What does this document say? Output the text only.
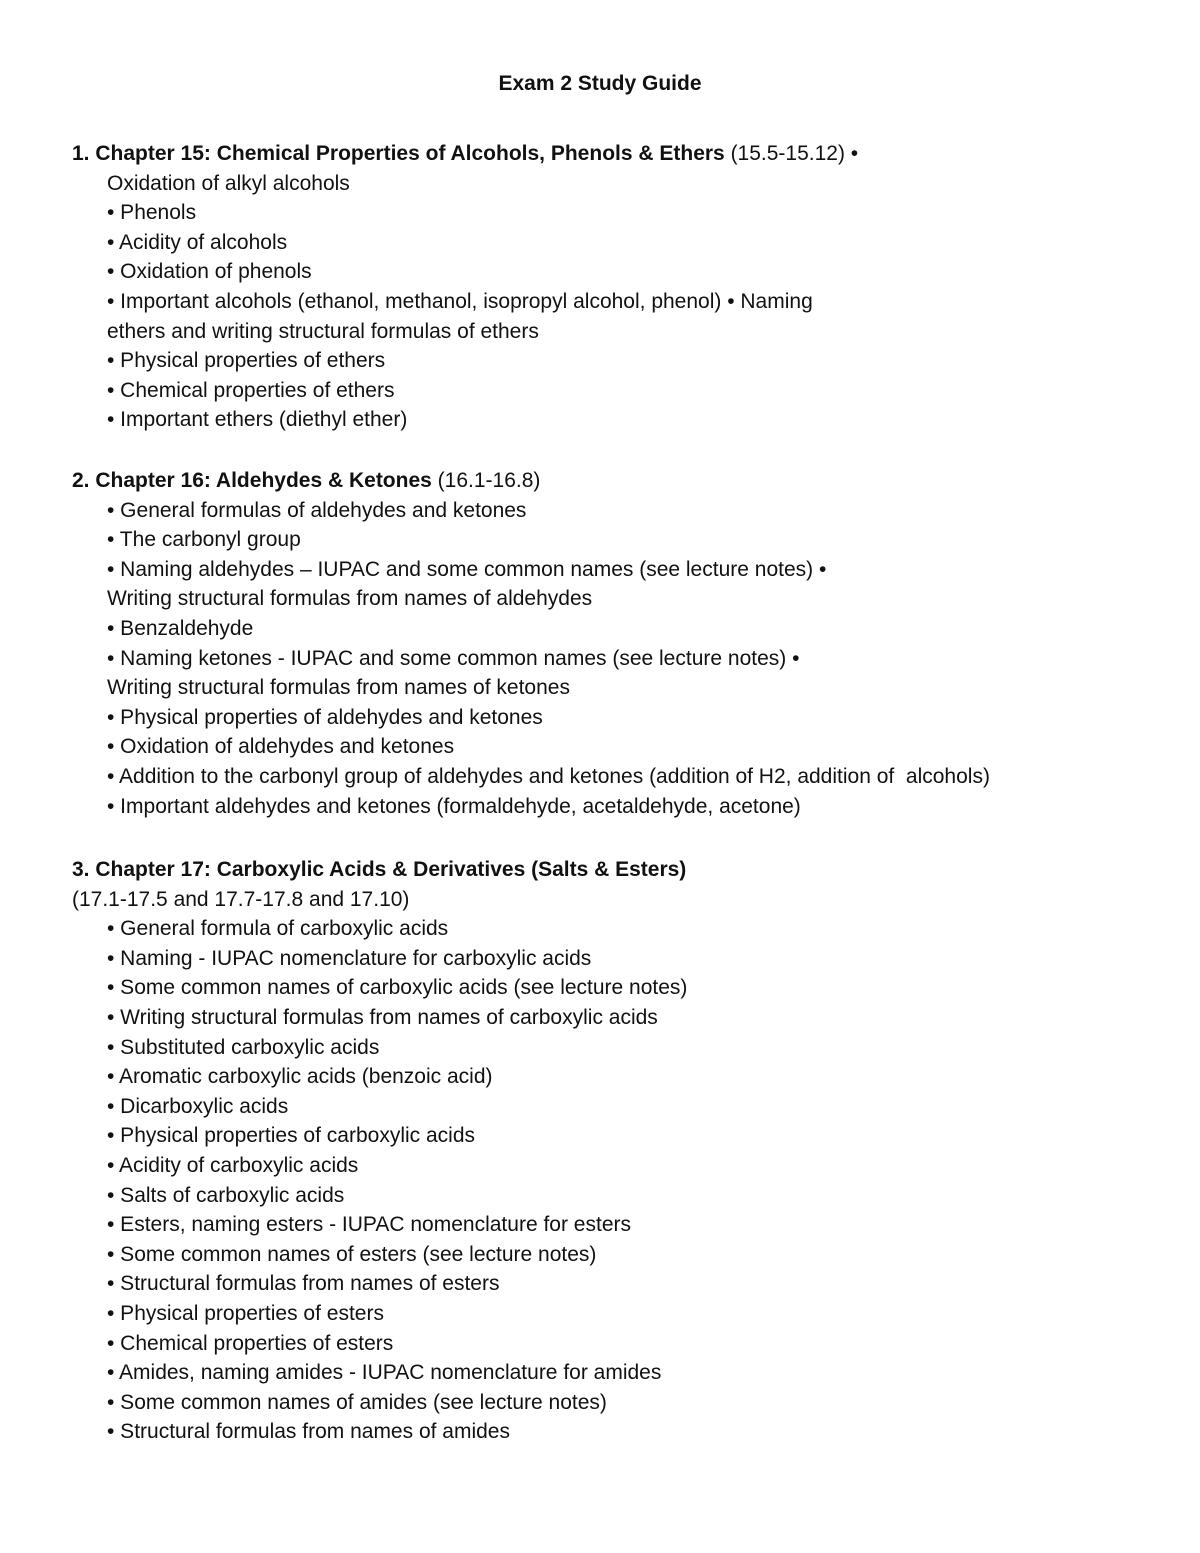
Exam 2 Study Guide
1. Chapter 15: Chemical Properties of Alcohols, Phenols & Ethers (15.5-15.12) •
Oxidation of alkyl alcohols
• Phenols
• Acidity of alcohols
• Oxidation of phenols
• Important alcohols (ethanol, methanol, isopropyl alcohol, phenol) • Naming
ethers and writing structural formulas of ethers
• Physical properties of ethers
• Chemical properties of ethers
• Important ethers (diethyl ether)
2. Chapter 16: Aldehydes & Ketones (16.1-16.8)
• General formulas of aldehydes and ketones
• The carbonyl group
• Naming aldehydes – IUPAC and some common names (see lecture notes) •
Writing structural formulas from names of aldehydes
• Benzaldehyde
• Naming ketones - IUPAC and some common names (see lecture notes) •
Writing structural formulas from names of ketones
• Physical properties of aldehydes and ketones
• Oxidation of aldehydes and ketones
• Addition to the carbonyl group of aldehydes and ketones (addition of H2, addition of  alcohols)
• Important aldehydes and ketones (formaldehyde, acetaldehyde, acetone)
3. Chapter 17: Carboxylic Acids & Derivatives (Salts & Esters)
(17.1-17.5 and 17.7-17.8 and 17.10)
• General formula of carboxylic acids
• Naming - IUPAC nomenclature for carboxylic acids
• Some common names of carboxylic acids (see lecture notes)
• Writing structural formulas from names of carboxylic acids
• Substituted carboxylic acids
• Aromatic carboxylic acids (benzoic acid)
• Dicarboxylic acids
• Physical properties of carboxylic acids
• Acidity of carboxylic acids
• Salts of carboxylic acids
• Esters, naming esters - IUPAC nomenclature for esters
• Some common names of esters (see lecture notes)
• Structural formulas from names of esters
• Physical properties of esters
• Chemical properties of esters
• Amides, naming amides - IUPAC nomenclature for amides
• Some common names of amides (see lecture notes)
• Structural formulas from names of amides
